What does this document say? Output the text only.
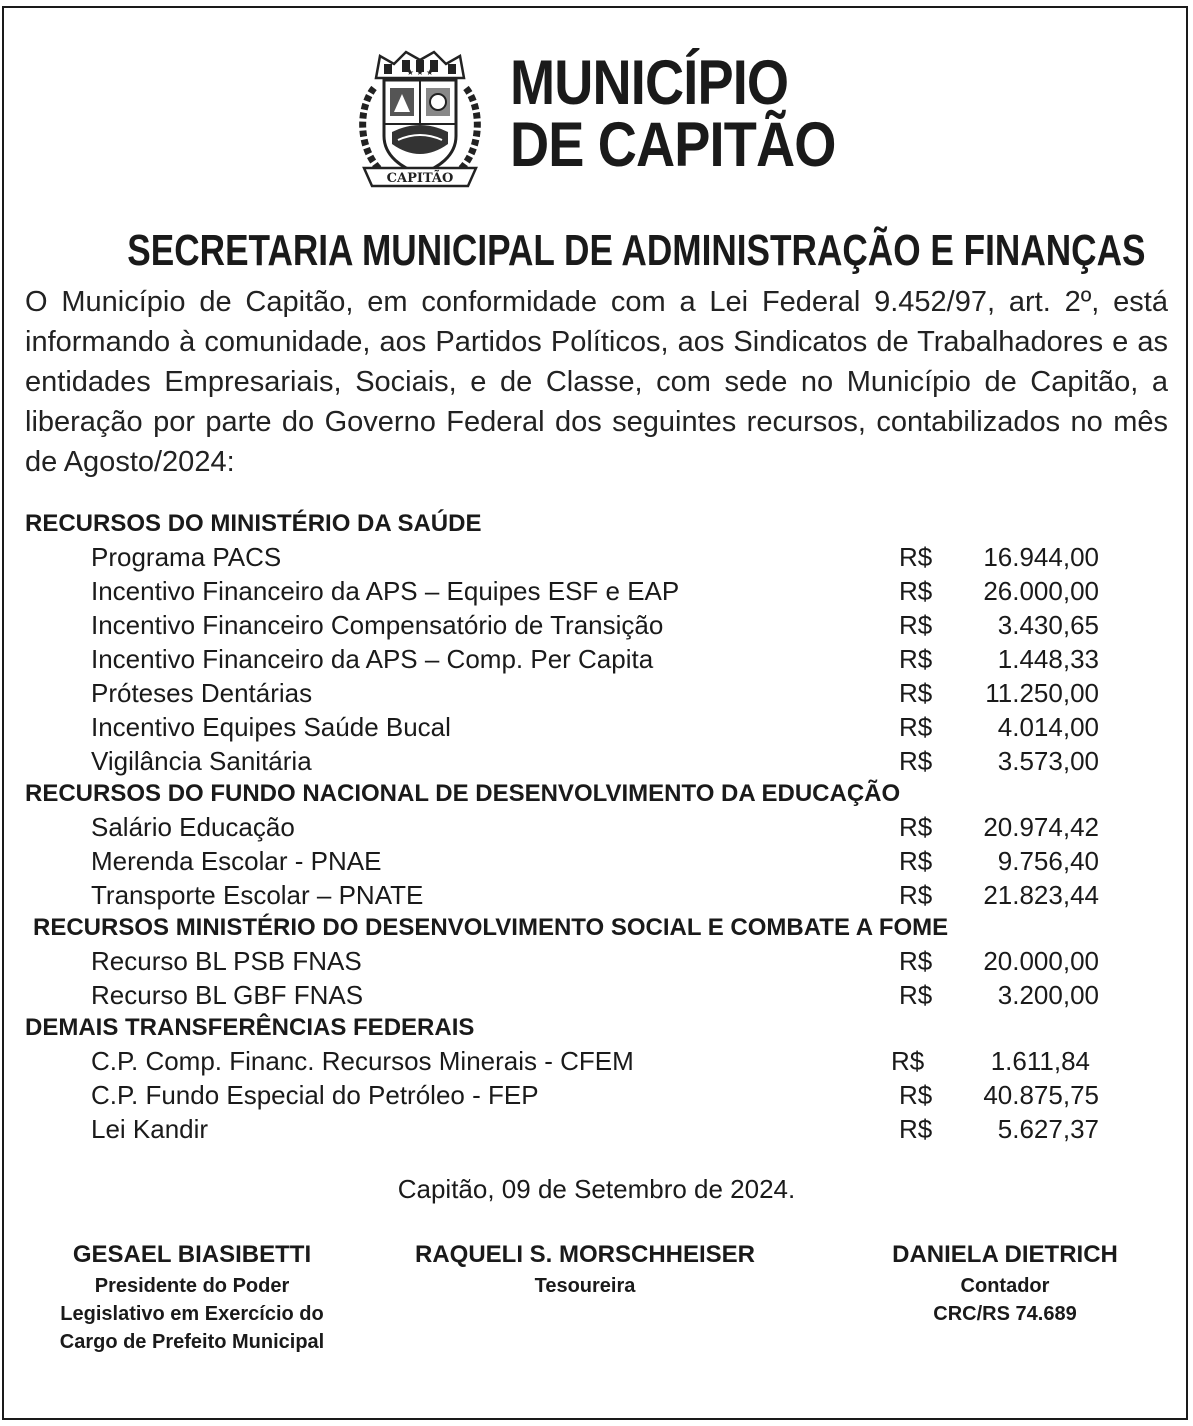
★ ★ ★
CAPITÃO
MUNICÍPIO
DE CAPITÃO
SECRETARIA MUNICIPAL DE ADMINISTRAÇÃO E FINANÇAS

O Município de Capitão, em conformidade com a Lei Federal 9.452/97, art. 2º, está informando à comunidade, aos Partidos Políticos, aos Sindicatos de Trabalhadores e as entidades Empresariais, Sociais, e de Classe, com sede no Município de Capitão, a liberação por parte do Governo Federal dos seguintes recursos, contabilizados no mês de Agosto/2024:

RECURSOS DO MINISTÉRIO DA SAÚDE
Programa PACS	R$ 16.944,00
Incentivo Financeiro da APS – Equipes ESF e EAP	R$ 26.000,00
Incentivo Financeiro Compensatório de Transição	R$	3.430,65
Incentivo Financeiro da APS – Comp. Per Capita	R$	1.448,33
Próteses Dentárias	R$ 11.250,00
Incentivo Equipes Saúde Bucal	R$	4.014,00
Vigilância Sanitária	R$	3.573,00
RECURSOS DO FUNDO NACIONAL DE DESENVOLVIMENTO DA EDUCAÇÃO
Salário Educação	R$ 20.974,42
Merenda Escolar - PNAE	R$	9.756,40
Transporte Escolar – PNATE	R$ 21.823,44
RECURSOS MINISTÉRIO DO DESENVOLVIMENTO SOCIAL E COMBATE A FOME
Recurso BL PSB FNAS	R$ 20.000,00
Recurso BL GBF FNAS	R$	3.200,00
DEMAIS TRANSFERÊNCIAS FEDERAIS
C.P. Comp. Financ. Recursos Minerais - CFEM	R$	1.611,84
C.P. Fundo Especial do Petróleo - FEP	R$ 40.875,75
Lei Kandir	R$	5.627,37
Capitão, 09 de Setembro de 2024.
GESAEL BIASIBETTI
Presidente do Poder
Legislativo em Exercício do
Cargo de Prefeito Municipal
RAQUELI S. MORSCHHEISER
Tesoureira
DANIELA DIETRICH
Contador
CRC/RS 74.689
